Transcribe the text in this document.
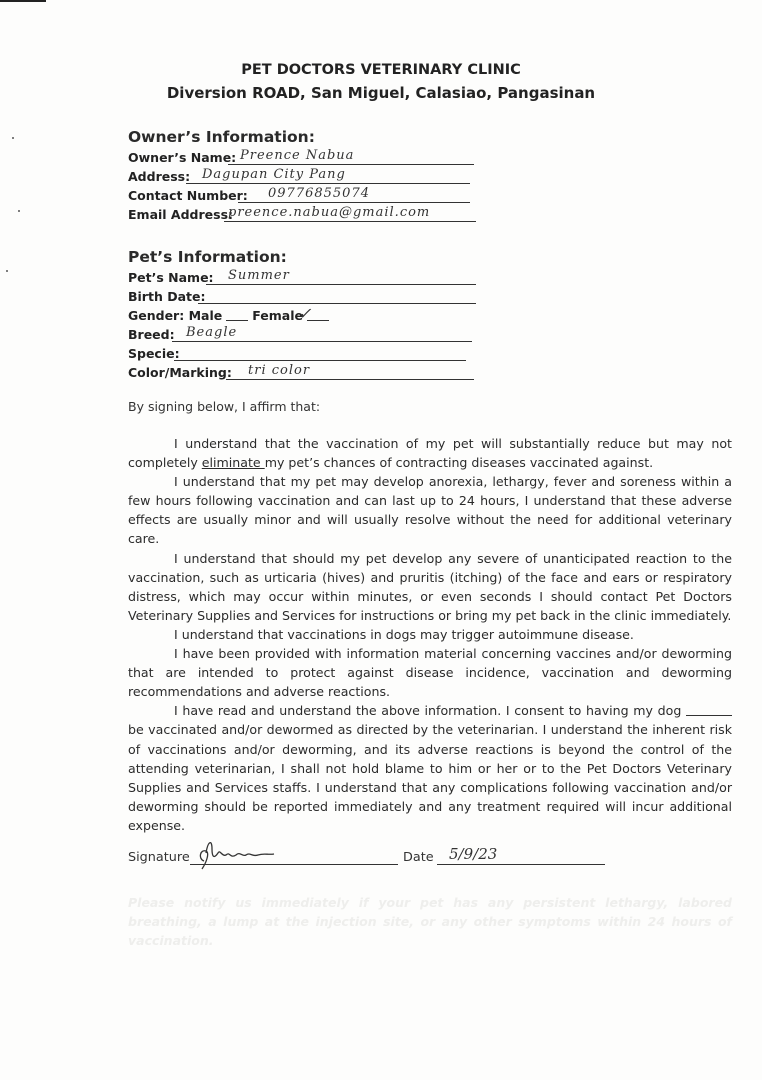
PET DOCTORS VETERINARY CLINIC
Diversion ROAD, San Miguel, Calasiao, Pangasinan
Owner’s Information:
Owner’s Name: Preence Nabua
Address: Dagupan City Pang
Contact Number: 09776855074
Email Address:
preence.nabua@gmail.com
Pet’s Information:
Pet’s Name: Summer
Birth Date:
Gender: Male Female
✓
Breed: Beagle
Specie:
Color/Marking: tri color
By signing below, I affirm that:

I understand that the vaccination of my pet will substantially reduce but may not completely eliminate my pet’s chances of contracting diseases vaccinated against.

I understand that my pet may develop anorexia, lethargy, fever and soreness within a few hours following vaccination and can last up to 24 hours, I understand that these adverse effects are usually minor and will usually resolve without the need for additional veterinary care.

I understand that should my pet develop any severe of unanticipated reaction to the vaccination, such as urticaria (hives) and pruritis (itching) of the face and ears or respiratory distress, which may occur within minutes, or even seconds I should contact Pet Doctors Veterinary Supplies and Services for instructions or bring my pet back in the clinic immediately.

I understand that vaccinations in dogs may trigger autoimmune disease.

I have been provided with information material concerning vaccines and/or deworming that are intended to protect against disease incidence, vaccination and deworming recommendations and adverse reactions.

I have read and understand the above information. I consent to having my dog  be vaccinated and/or dewormed as directed by the veterinarian. I understand the inherent risk of vaccinations and/or deworming, and its adverse reactions is beyond the control of the attending veterinarian, I shall not hold blame to him or her or to the Pet Doctors Veterinary Supplies and Services staffs. I understand that any complications following vaccination and/or deworming should be reported immediately and any treatment required will incur additional expense.

Signature	Date 5/9/23
Please notify us immediately if your pet has any persistent lethargy, labored breathing, a lump at the injection site, or any other symptoms within 24 hours of vaccination.
